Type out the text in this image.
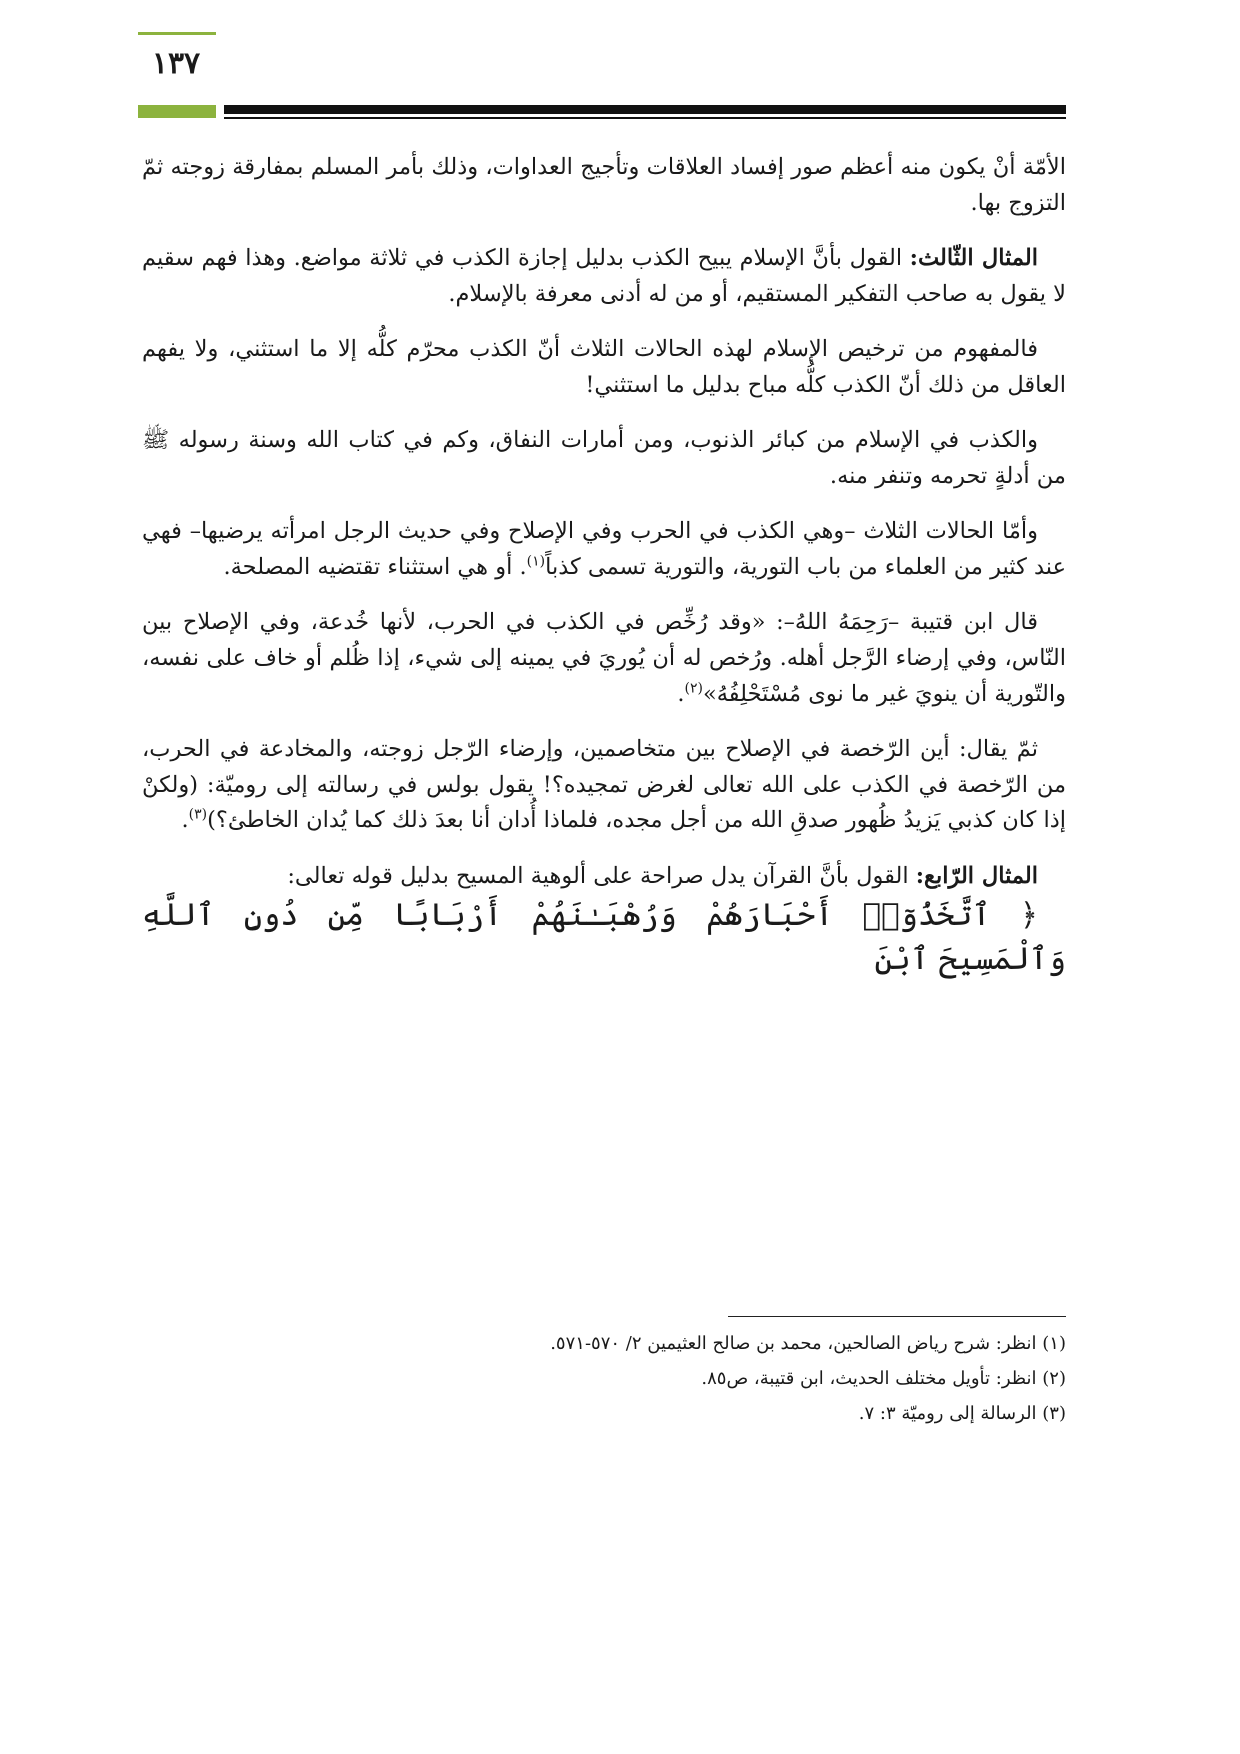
١٣٧

الأمّة أنْ يكون منه أعظم صور إفساد العلاقات وتأجيج العداوات، وذلك بأمر المسلم بمفارقة زوجته ثمّ التزوج بها.

المثال الثّالث: القول بأنَّ الإسلام يبيح الكذب بدليل إجازة الكذب في ثلاثة مواضع. وهذا فهم سقيم لا يقول به صاحب التفكير المستقيم، أو من له أدنى معرفة بالإسلام.

فالمفهوم من ترخيص الإسلام لهذه الحالات الثلاث أنّ الكذب محرّم كلُّه إلا ما استثني، ولا يفهم العاقل من ذلك أنّ الكذب كلُّه مباح بدليل ما استثني!

والكذب في الإسلام من كبائر الذنوب، ومن أمارات النفاق، وكم في كتاب الله وسنة رسوله ﷺ من أدلةٍ تحرمه وتنفر منه.

وأمّا الحالات الثلاث –وهي الكذب في الحرب وفي الإصلاح وفي حديث الرجل امرأته يرضيها– فهي عند كثير من العلماء من باب التورية، والتورية تسمى كذباً$^{(١)}$. أو هي استثناء تقتضيه المصلحة.

قال ابن قتيبة –رَحِمَهُ اللهُ–: «وقد رُخِّص في الكذب في الحرب، لأنها خُدعة، وفي الإصلاح بين النّاس، وفي إرضاء الرَّجل أهله. ورُخص له أن يُوريَ في يمينه إلى شيء، إذا ظُلم أو خاف على نفسه، والتّورية أن ينويَ غير ما نوى مُسْتَحْلِفُهُ»$^{(٢)}$.

ثمّ يقال: أين الرّخصة في الإصلاح بين متخاصمين، وإرضاء الرّجل زوجته، والمخادعة في الحرب، من الرّخصة في الكذب على الله تعالى لغرض تمجيده؟! يقول بولس في رسالته إلى روميّة: (ولكنْ إذا كان كذبي يَزيدُ ظُهور صدقِ الله من أجل مجده، فلماذا أُدان أنا بعدَ ذلك كما يُدان الخاطئ؟)$^{(٣)}$.

المثال الرّابع: القول بأنَّ القرآن يدل صراحة على ألوهية المسيح بدليل قوله تعالى:

﴿ ٱتَّخَذُوٓا۟ أَحْبَارَهُمْ وَرُهْبَـٰنَهُمْ أَرْبَابًا مِّن دُونِ ٱللَّهِ وَٱلْمَسِيحَ ٱبْنَ

(١) انظر: شرح رياض الصالحين، محمد بن صالح العثيمين ٢/ ٥٧٠-٥٧١.
(٢) انظر: تأويل مختلف الحديث، ابن قتيبة، ص٨٥.
(٣) الرسالة إلى روميّة ٣: ٧.
